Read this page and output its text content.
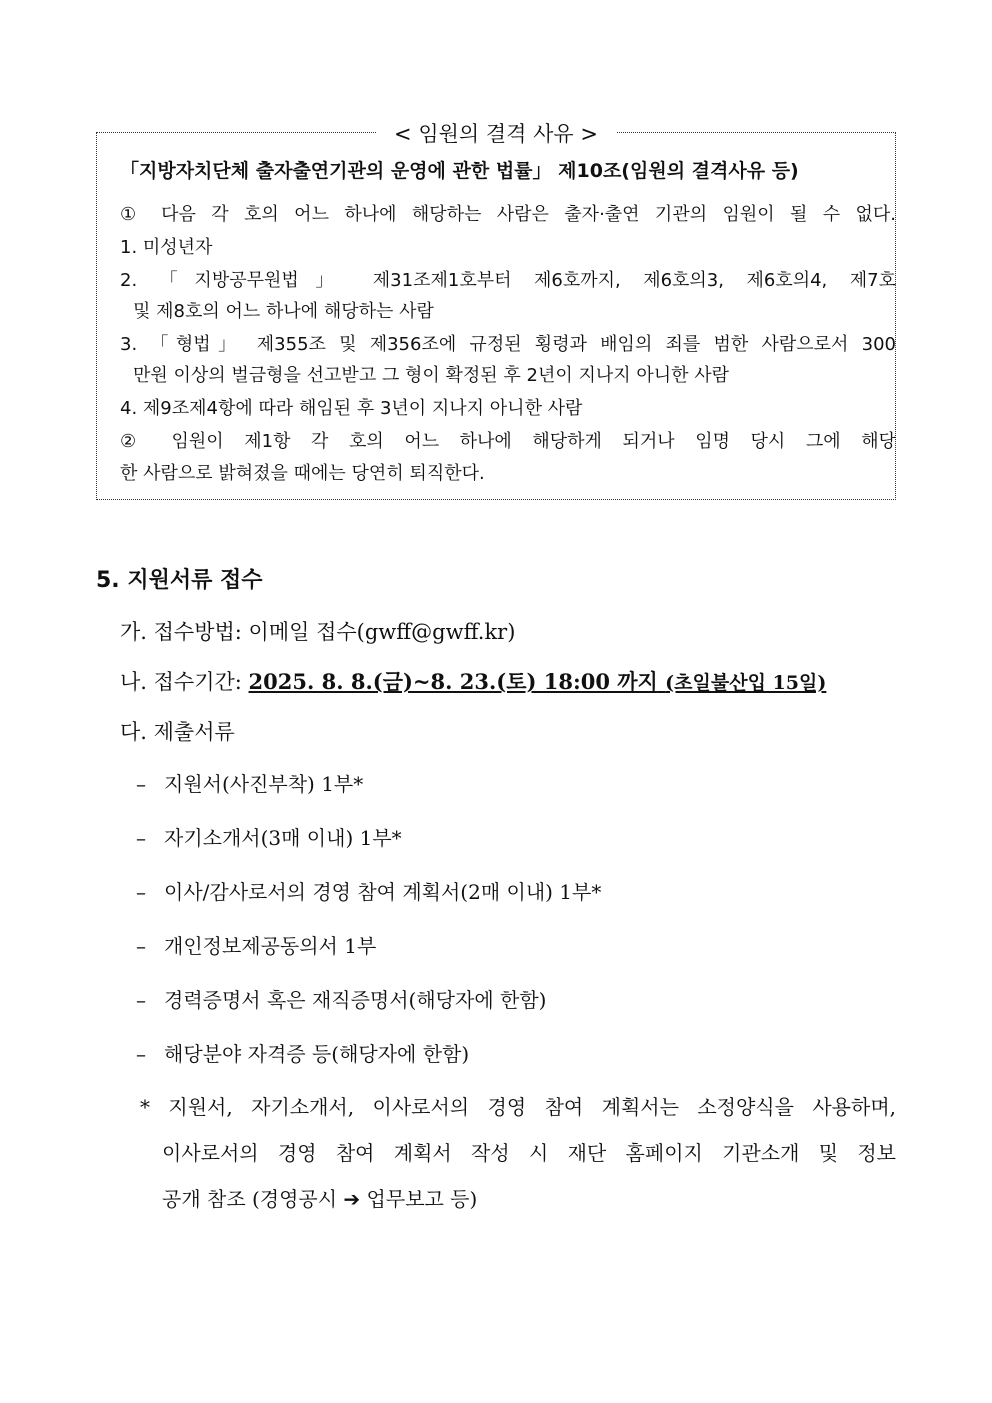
< 임원의 결격 사유 >
「지방자치단체 출자출연기관의 운영에 관한 법률」 제10조(임원의 결격사유 등)
① 다음 각 호의 어느 하나에 해당하는 사람은 출자·출연 기관의 임원이 될 수 없다.
1. 미성년자
2. 「지방공무원법」 제31조제1호부터 제6호까지, 제6호의3, 제6호의4, 제7호
및 제8호의 어느 하나에 해당하는 사람
3. 「형법」 제355조 및 제356조에 규정된 횡령과 배임의 죄를 범한 사람으로서 300
만원 이상의 벌금형을 선고받고 그 형이 확정된 후 2년이 지나지 아니한 사람
4. 제9조제4항에 따라 해임된 후 3년이 지나지 아니한 사람
② 임원이 제1항 각 호의 어느 하나에 해당하게 되거나 임명 당시 그에 해당
한 사람으로 밝혀졌을 때에는 당연히 퇴직한다.
5. 지원서류 접수
가. 접수방법: 이메일 접수(gwff@gwff.kr)
나. 접수기간: 2025. 8. 8.(금)~8. 23.(토) 18:00 까지 (초일불산입 15일)
다. 제출서류
– 지원서(사진부착) 1부*
– 자기소개서(3매 이내) 1부*
– 이사/감사로서의 경영 참여 계획서(2매 이내) 1부*
– 개인정보제공동의서 1부
– 경력증명서 혹은 재직증명서(해당자에 한함)
– 해당분야 자격증 등(해당자에 한함)
* 지원서, 자기소개서, 이사로서의 경영 참여 계획서는 소정양식을 사용하며,
이사로서의 경영 참여 계획서 작성 시 재단 홈페이지 기관소개 및 정보
공개 참조 (경영공시 ➔ 업무보고 등)
